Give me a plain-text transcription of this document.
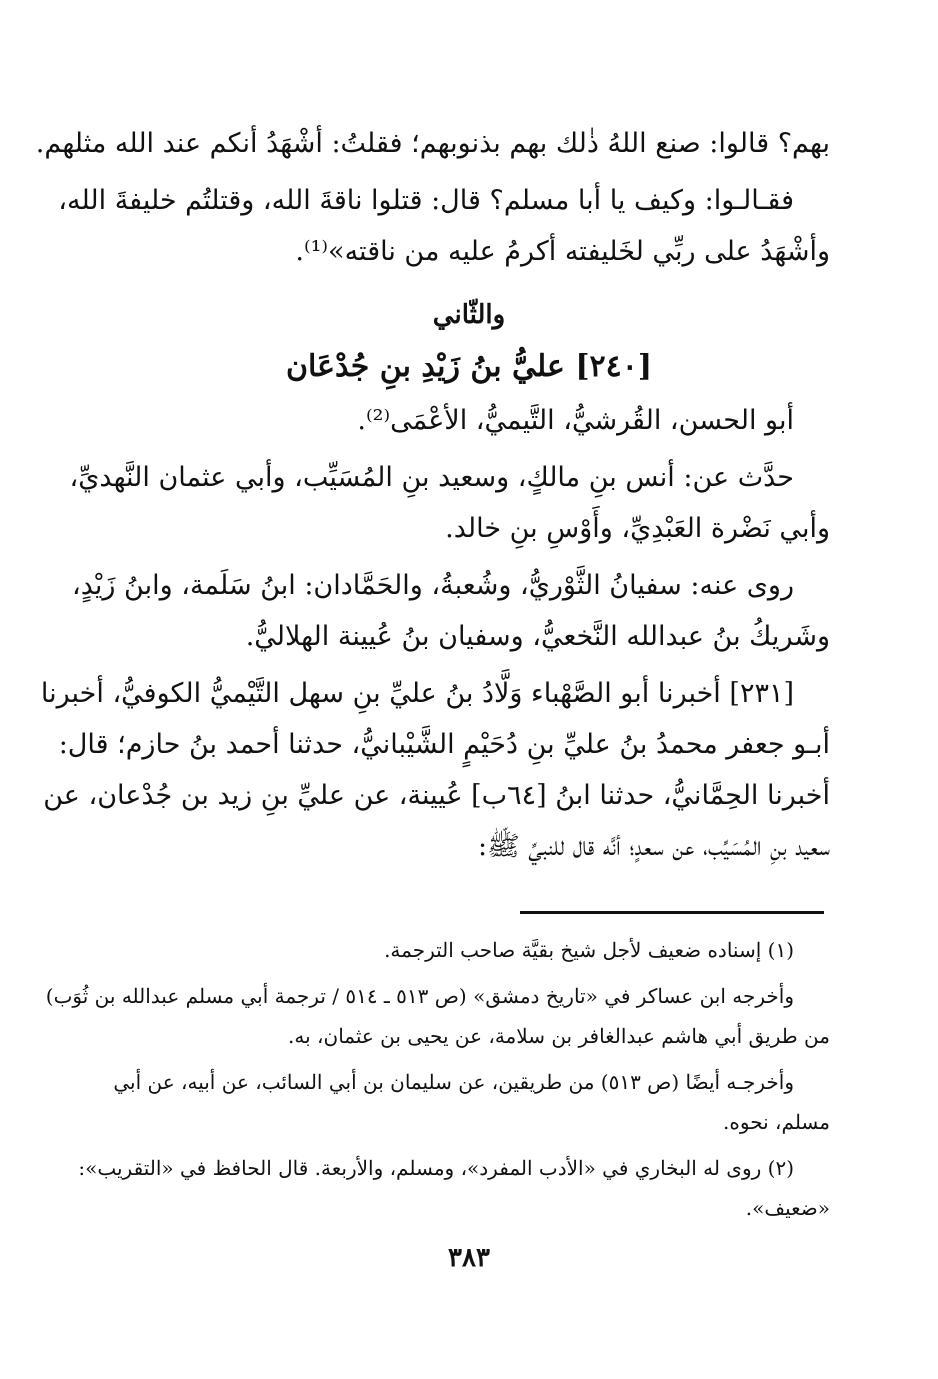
بهم؟ قالوا: صنع اللهُ ذٰلك بهم بذنوبهم؛ فقلتُ: أشْهَدُ أنكم عند الله مثلهم.
فقـالـوا: وكيف يا أبا مسلم؟ قال: قتلوا ناقةَ الله، وقتلتُم خليفةَ الله،
وأشْهَدُ على ربِّي لخَليفته أكرمُ عليه من ناقته»⁽¹⁾.
والثّاني
[٢٤٠] عليُّ بنُ زَيْدِ بنِ جُدْعَان
أبو الحسن، القُرشيُّ، التَّيميُّ، الأعْمَى⁽²⁾.
حدَّث عن: أنس بنِ مالكٍ، وسعيد بنِ المُسَيِّب، وأبي عثمان النَّهديِّ،
وأبي نَضْرة العَبْدِيِّ، وأَوْسِ بنِ خالد.
روى عنه: سفيانُ الثَّوْريُّ، وشُعبةُ، والحَمَّادان: ابنُ سَلَمة، وابنُ زَيْدٍ،
وشَريكُ بنُ عبدالله النَّخعيُّ، وسفيان بنُ عُيينة الهلاليُّ.
[٢٣١] أخبرنا أبو الصَّهْباء وَلَّادُ بنُ عليِّ بنِ سهل التَّيْميُّ الكوفيُّ، أخبرنا
أبـو جعفر محمدُ بنُ عليِّ بنِ دُحَيْمٍ الشَّيْبانيُّ، حدثنا أحمد بنُ حازم؛ قال:
أخبرنا الحِمَّانيُّ، حدثنا ابنُ [٦٤ب] عُيينة، عن عليِّ بنِ زيد بن جُدْعان، عن
سعيد بنِ المُسَيِّب، عن سعدٍ؛ أنَّه قال للنبيِّ ﷺ:
(١) إسناده ضعيف لأجل شيخ بقيَّة صاحب الترجمة.
وأخرجه ابن عساكر في «تاريخ دمشق» (ص ٥١٣ ـ ٥١٤ / ترجمة أبي مسلم عبدالله بن ثُوَب)
من طريق أبي هاشم عبدالغافر بن سلامة، عن يحيى بن عثمان، به.
وأخرجـه أيضًا (ص ٥١٣) من طريقين، عن سليمان بن أبي السائب، عن أبيه، عن أبي
مسلم، نحوه.
(٢) روى له البخاري في «الأدب المفرد»، ومسلم، والأربعة. قال الحافظ في «التقريب»:
«ضعيف».
٣٨٣
